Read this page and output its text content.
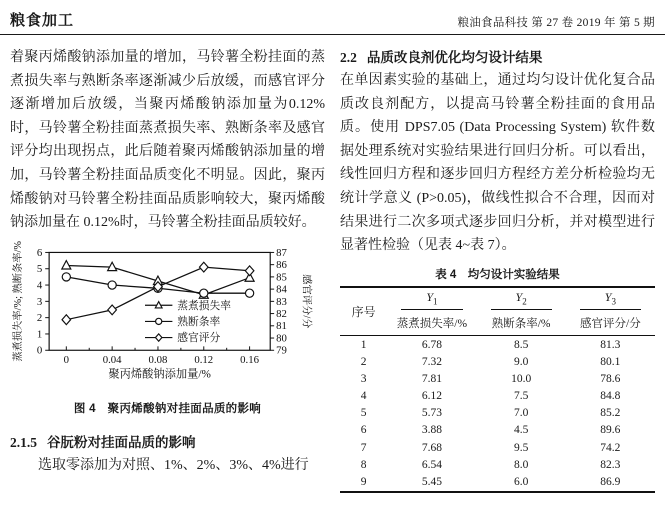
粮食加工	粮油食品科技 第 27 卷 2019 年 第 5 期
着聚丙烯酸钠添加量的增加，马铃薯全粉挂面的蒸煮损失率与熟断条率逐渐减少后放缓，而感官评分逐渐增加后放缓，当聚丙烯酸钠添加量为0.12%时，马铃薯全粉挂面蒸煮损失率、熟断条率及感官评分均出现拐点，此后随着聚丙烯酸钠添加量的增加，马铃薯全粉挂面品质变化不明显。因此，聚丙烯酸钠对马铃薯全粉挂面品质影响较大，聚丙烯酸钠添加量在 0.12%时，马铃薯全粉挂面品质较好。
0
1
2
3
4
5
6
79
80
81
82
83
84
85
86
87
0	0.04 0.08 0.12 0.16
聚丙烯酸钠添加量/%
蒸煮损失率/%; 熟断条率/%	感官评分/分
蒸煮损失率
熟断条率
感官评分
图 4　聚丙烯酸钠对挂面品质的影响
2.1.5 谷朊粉对挂面品质的影响
选取零添加为对照、1%、2%、3%、4%进行
2.2 品质改良剂优化均匀设计结果
在单因素实验的基础上，通过均匀设计优化复合品质改良剂配方，以提高马铃薯全粉挂面的食用品质。使用 DPS7.05 (Data Processing System) 软件数据处理系统对实验结果进行回归分析。可以看出，线性回归方程和逐步回归方程经方差分析检验均无统计学意义 (P>0.05)，做线性拟合不合理，因而对结果进行二次多项式逐步回归分析，并对模型进行显著性检验（见表 4~表 7）。
表 4　均匀设计实验结果
序号	$Y_1$	$Y_2$	$Y_3$

	蒸煮损失率/%	熟断条率/%	感官评分/分
1	6.78	8.5	81.3
2	7.32	9.0	80.1
3	7.81	10.0	78.6
4	6.12	7.5	84.8
5	5.73	7.0	85.2
6	3.88	4.5	89.6
7	7.68	9.5	74.2
8	6.54	8.0	82.3
9	5.45	6.0	86.9
